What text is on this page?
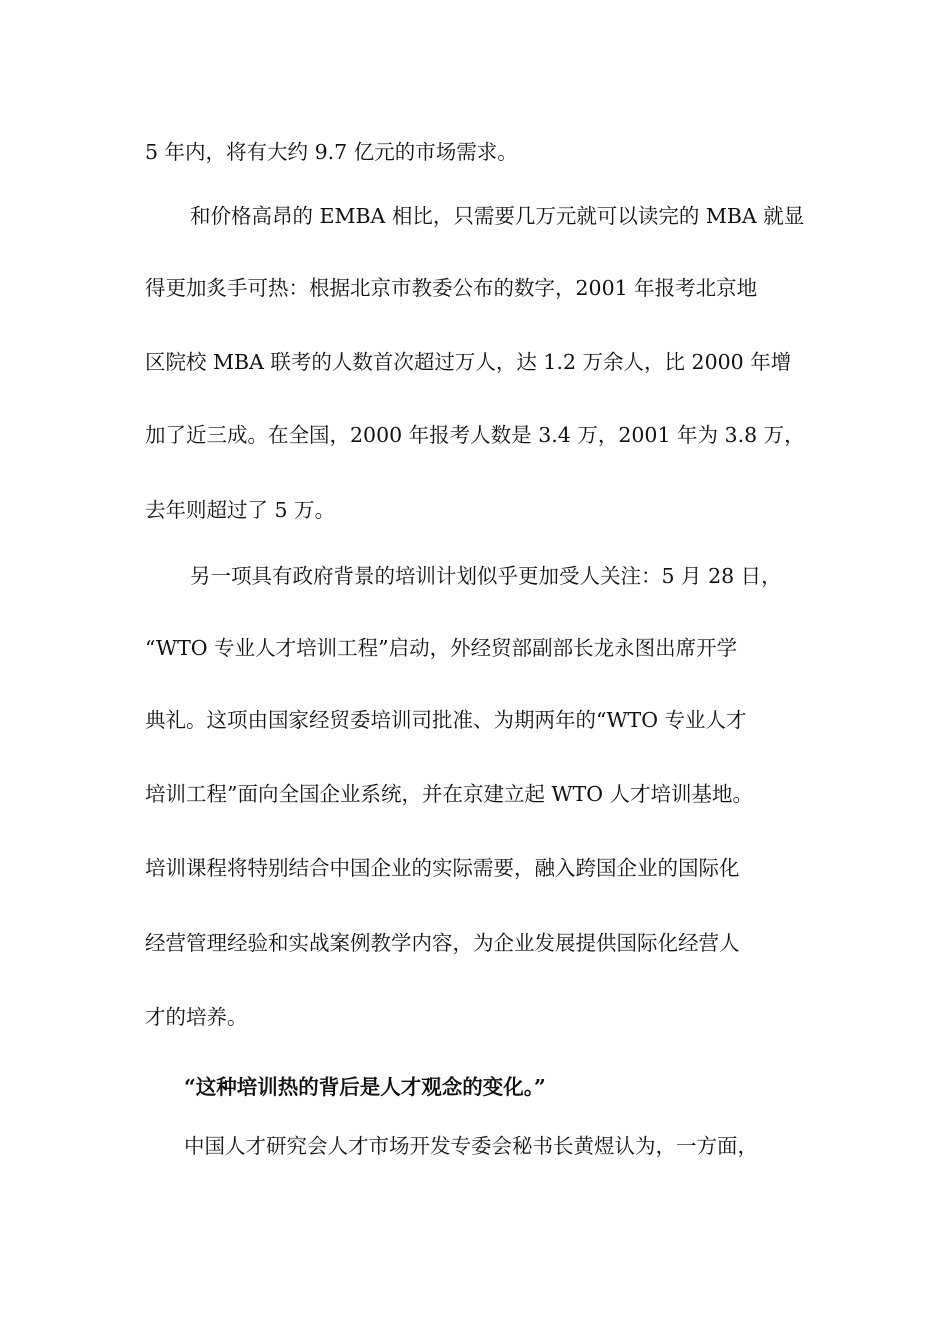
5 年内，将有大约 9.7 亿元的市场需求。

和价格高昂的 EMBA 相比，只需要几万元就可以读完的 MBA 就显

得更加炙手可热：根据北京市教委公布的数字，2001 年报考北京地

区院校 MBA 联考的人数首次超过万人，达 1.2 万余人，比 2000 年增

加了近三成。在全国，2000 年报考人数是 3.4 万，2001 年为 3.8 万，

去年则超过了 5 万。

另一项具有政府背景的培训计划似乎更加受人关注：5 月 28 日，

“WTO 专业人才培训工程”启动，外经贸部副部长龙永图出席开学

典礼。这项由国家经贸委培训司批准、为期两年的“WTO 专业人才

培训工程”面向全国企业系统，并在京建立起 WTO 人才培训基地。

培训课程将特别结合中国企业的实际需要，融入跨国企业的国际化

经营管理经验和实战案例教学内容，为企业发展提供国际化经营人

才的培养。

“这种培训热的背后是人才观念的变化。”

中国人才研究会人才市场开发专委会秘书长黄煜认为，一方面，
